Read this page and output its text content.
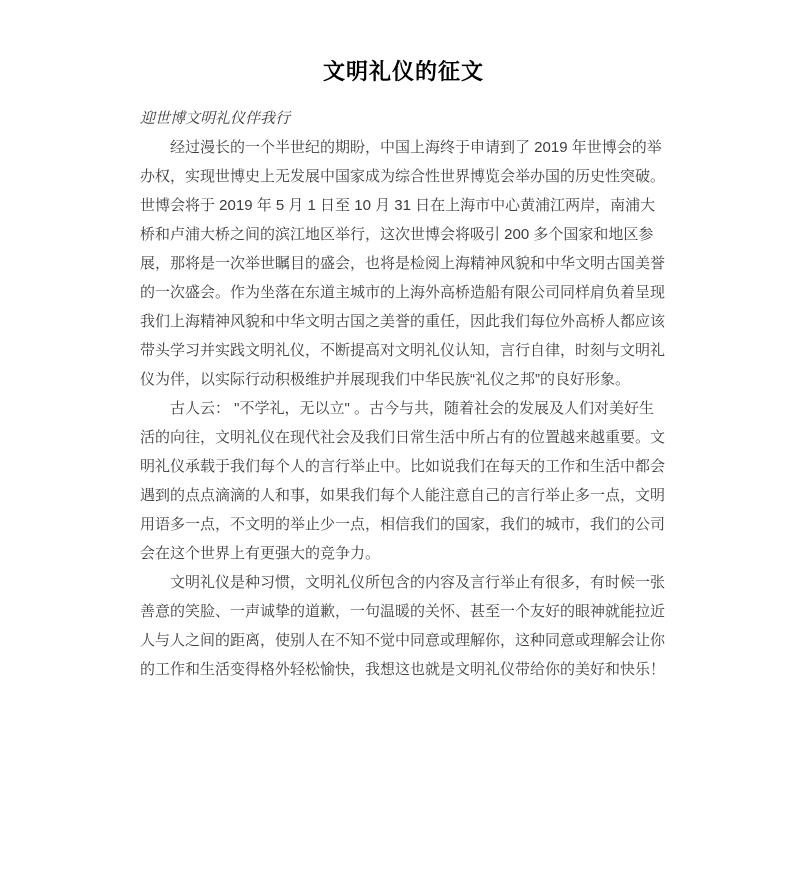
文明礼仪的征文

迎世博文明礼仪伴我行

经过漫长的一个半世纪的期盼，中国上海终于申请到了 2019 年世博会的举办权，实现世博史上无发展中国家成为综合性世界博览会举办国的历史性突破。世博会将于 2019 年 5 月 1 日至 10 月 31 日在上海市中心黄浦江两岸，南浦大桥和卢浦大桥之间的滨江地区举行，这次世博会将吸引 200 多个国家和地区参展，那将是一次举世瞩目的盛会，也将是检阅上海精神风貌和中华文明古国美誉的一次盛会。作为坐落在东道主城市的上海外高桥造船有限公司同样肩负着呈现我们上海精神风貌和中华文明古国之美誉的重任，因此我们每位外高桥人都应该带头学习并实践文明礼仪，不断提高对文明礼仪认知，言行自律，时刻与文明礼仪为伴，以实际行动积极维护并展现我们中华民族“礼仪之邦”的良好形象。

古人云： "不学礼，无以立" 。古今与共，随着社会的发展及人们对美好生活的向往，文明礼仪在现代社会及我们日常生活中所占有的位置越来越重要。文明礼仪承载于我们每个人的言行举止中。比如说我们在每天的工作和生活中都会遇到的点点滴滴的人和事，如果我们每个人能注意自己的言行举止多一点，文明用语多一点，不文明的举止少一点，相信我们的国家，我们的城市，我们的公司会在这个世界上有更强大的竞争力。

文明礼仪是种习惯，文明礼仪所包含的内容及言行举止有很多，有时候一张善意的笑脸、一声诚挚的道歉，一句温暖的关怀、甚至一个友好的眼神就能拉近人与人之间的距离，使别人在不知不觉中同意或理解你，这种同意或理解会让你的工作和生活变得格外轻松愉快，我想这也就是文明礼仪带给你的美好和快乐！
